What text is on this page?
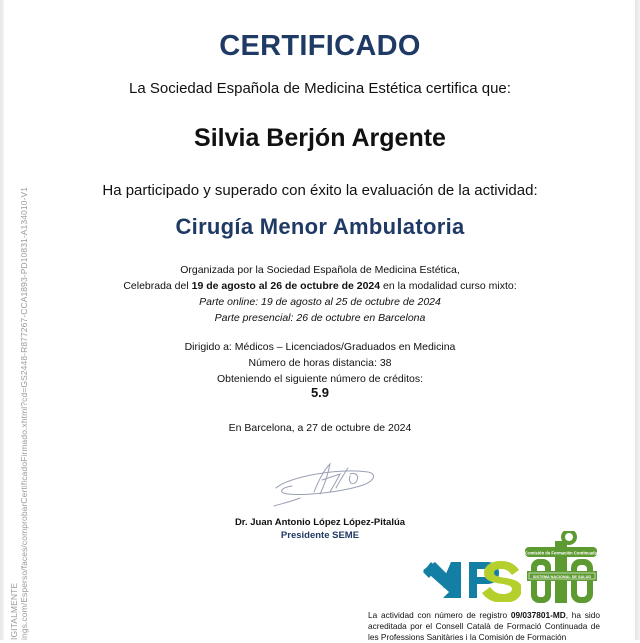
IGITALMENTE ings.com/Esperso/faces/comprobarCertificadoFirmado.xhtml?cd=GS2448-R877267-CCA1893-PD10831-A134010-V1
CERTIFICADO
La Sociedad Española de Medicina Estética certifica que:
Silvia Berjón Argente
Ha participado y superado con éxito la evaluación de la actividad:
Cirugía Menor Ambulatoria
Organizada por la Sociedad Española de Medicina Estética,
Celebrada del 19 de agosto al 26 de octubre de 2024 en la modalidad curso mixto:
Parte online: 19 de agosto al 25 de octubre de 2024
Parte presencial: 26 de octubre en Barcelona
Dirigido a: Médicos – Licenciados/Graduados en Medicina
Número de horas distancia: 38
Obteniendo el siguiente número de créditos:
5.9
En Barcelona, a 27 de octubre de 2024
Dr. Juan Antonio López López-Pitalúa
Presidente SEME
Comisión de Formación Continuada
SISTEMA NACIONAL DE SALUD
La actividad con número de registro 09/037801-MD, ha sido acreditada por el Consell Català de Formació Continuada de les Professions Sanitàries i la Comisión de Formación
